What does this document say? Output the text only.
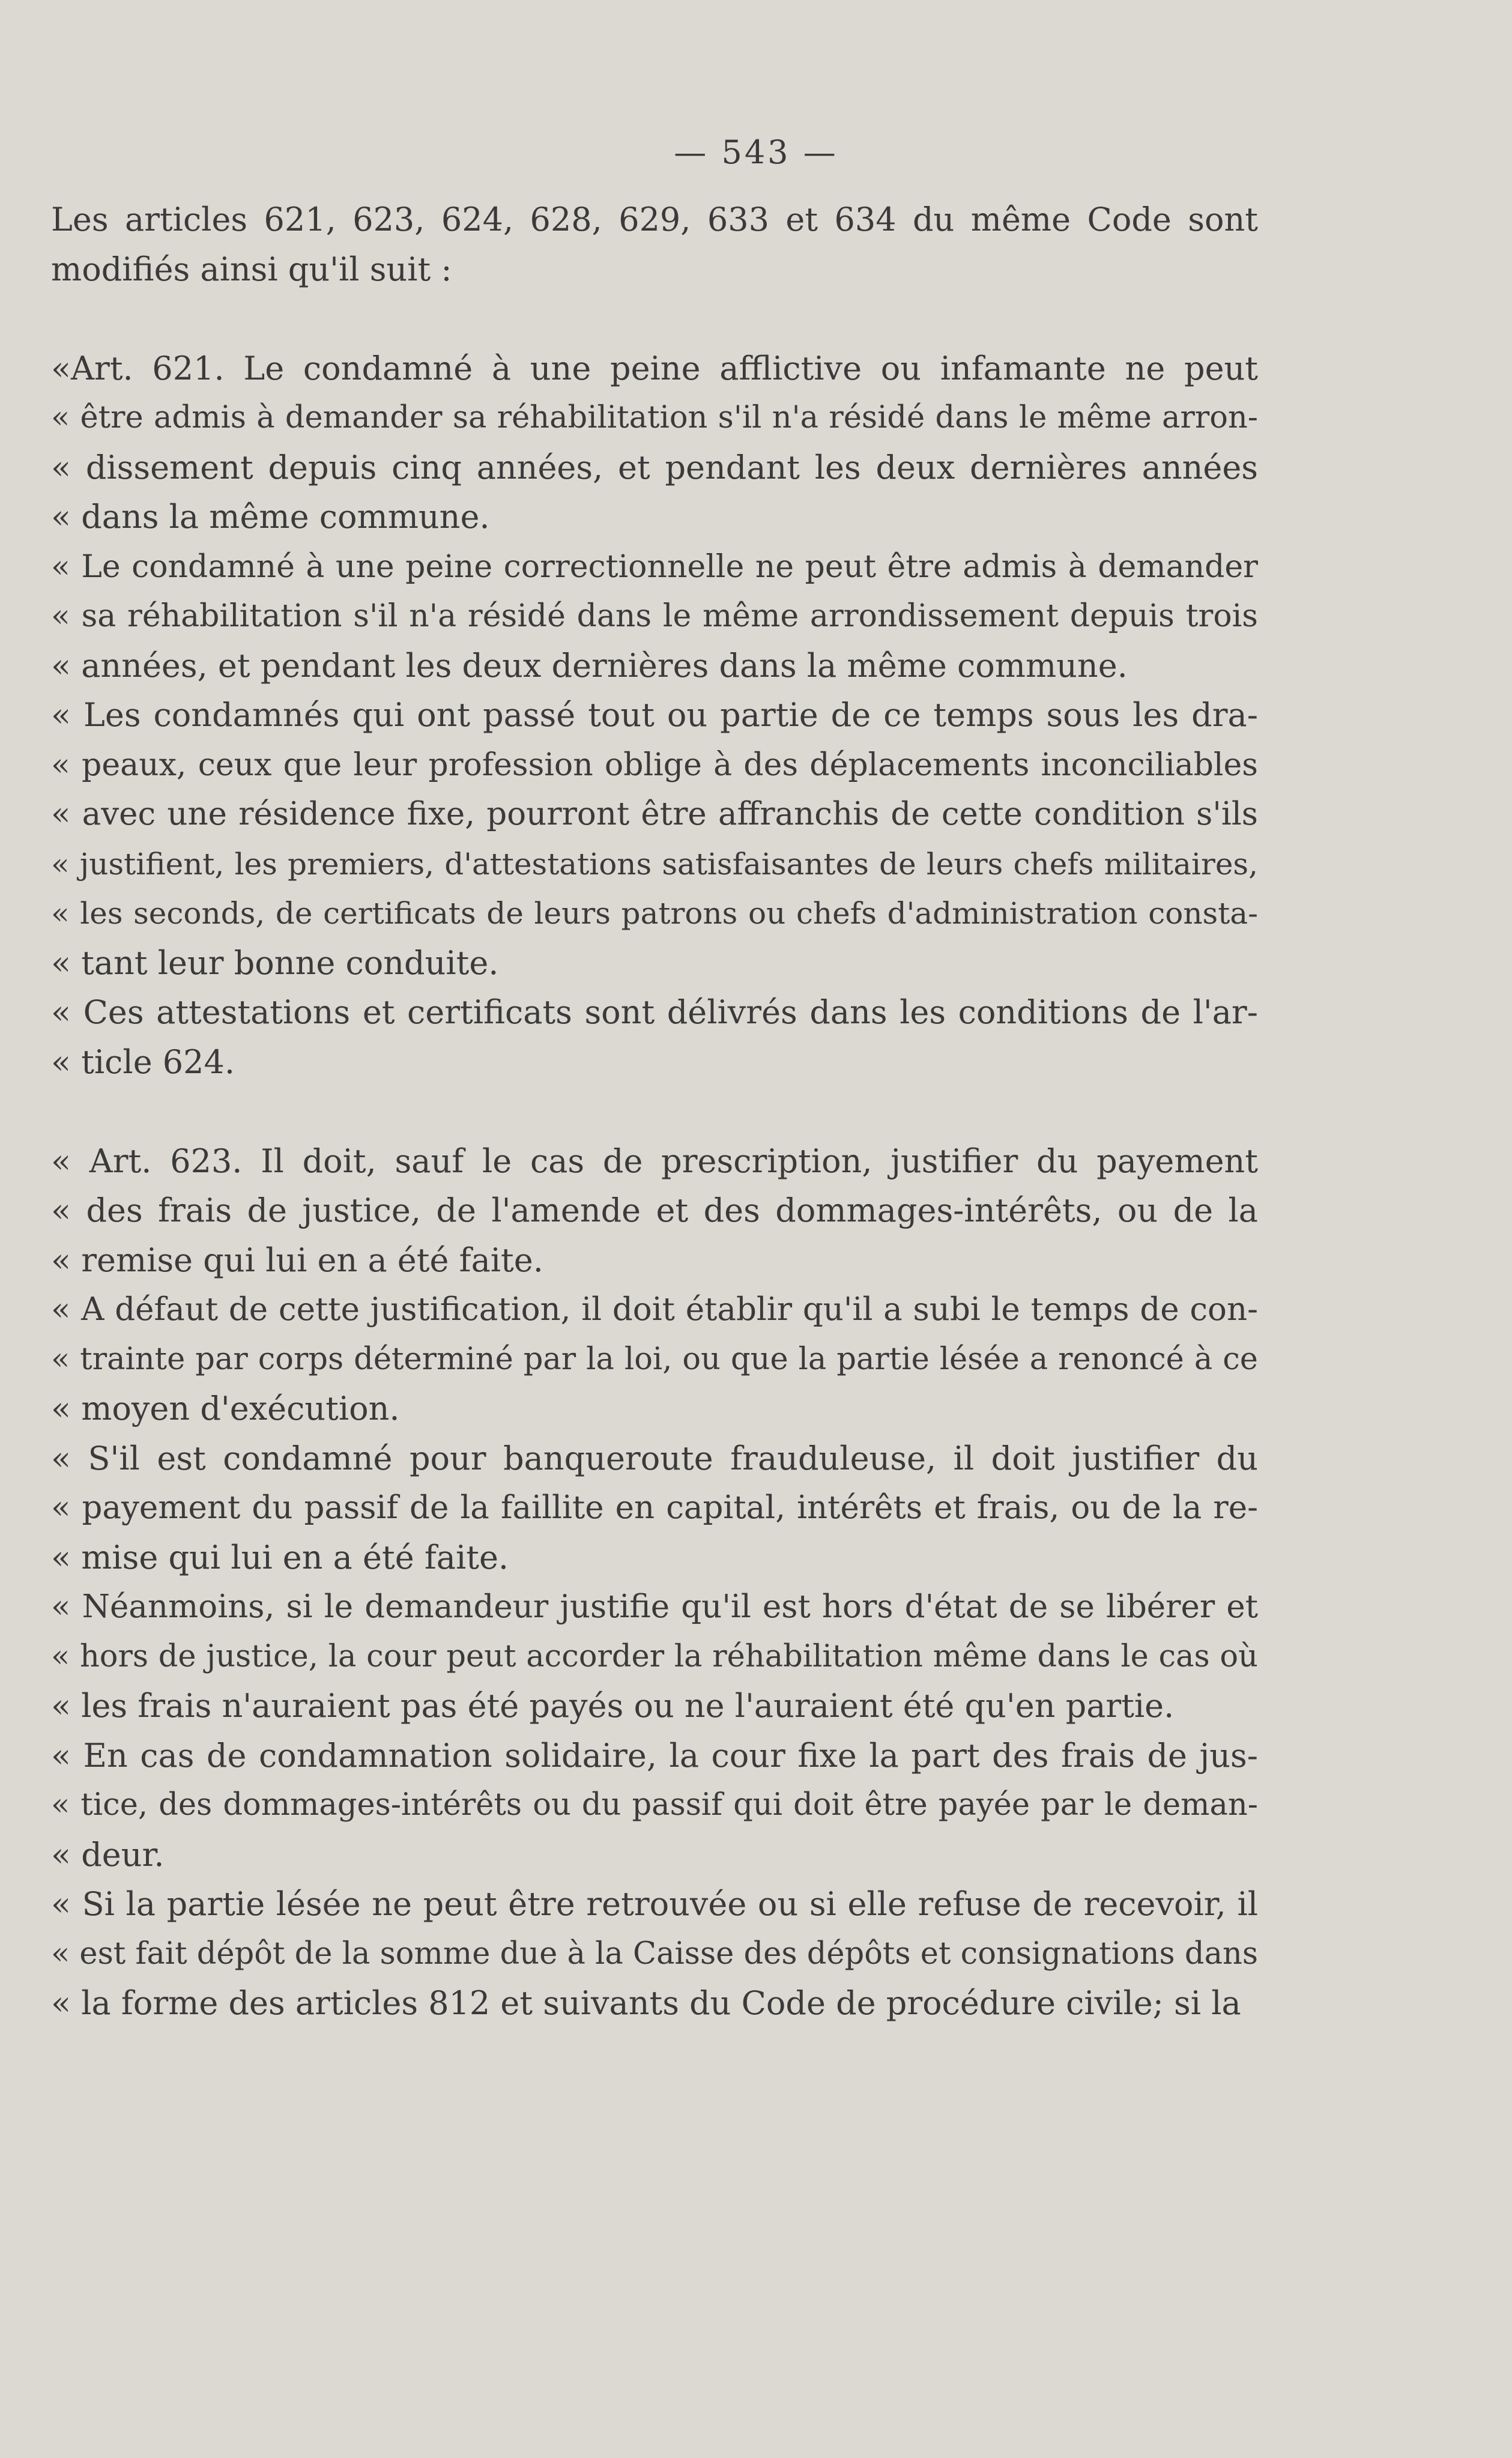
— 543 —
Les articles 621, 623, 624, 628, 629, 633 et 634 du même Code sont
modifiés ainsi qu'il suit :
«Art. 621. Le condamné à une peine afflictive ou infamante ne peut
« être admis à demander sa réhabilitation s'il n'a résidé dans le même arron-
« dissement depuis cinq années, et pendant les deux dernières années
« dans la même commune.
« Le condamné à une peine correctionnelle ne peut être admis à demander
« sa réhabilitation s'il n'a résidé dans le même arrondissement depuis trois
« années, et pendant les deux dernières dans la même commune.
« Les condamnés qui ont passé tout ou partie de ce temps sous les dra-
« peaux, ceux que leur profession oblige à des déplacements inconciliables
« avec une résidence fixe, pourront être affranchis de cette condition s'ils
« justifient, les premiers, d'attestations satisfaisantes de leurs chefs militaires,
« les seconds, de certificats de leurs patrons ou chefs d'administration consta-
« tant leur bonne conduite.
« Ces attestations et certificats sont délivrés dans les conditions de l'ar-
« ticle 624.
« Art. 623. Il doit, sauf le cas de prescription, justifier du payement
« des frais de justice, de l'amende et des dommages-intérêts, ou de la
« remise qui lui en a été faite.
« A défaut de cette justification, il doit établir qu'il a subi le temps de con-
« trainte par corps déterminé par la loi, ou que la partie lésée a renoncé à ce
« moyen d'exécution.
« S'il est condamné pour banqueroute frauduleuse, il doit justifier du
« payement du passif de la faillite en capital, intérêts et frais, ou de la re-
« mise qui lui en a été faite.
« Néanmoins, si le demandeur justifie qu'il est hors d'état de se libérer et
« hors de justice, la cour peut accorder la réhabilitation même dans le cas où
« les frais n'auraient pas été payés ou ne l'auraient été qu'en partie.
« En cas de condamnation solidaire, la cour fixe la part des frais de jus-
« tice, des dommages-intérêts ou du passif qui doit être payée par le deman-
« deur.
« Si la partie lésée ne peut être retrouvée ou si elle refuse de recevoir, il
« est fait dépôt de la somme due à la Caisse des dépôts et consignations dans
« la forme des articles 812 et suivants du Code de procédure civile; si la
